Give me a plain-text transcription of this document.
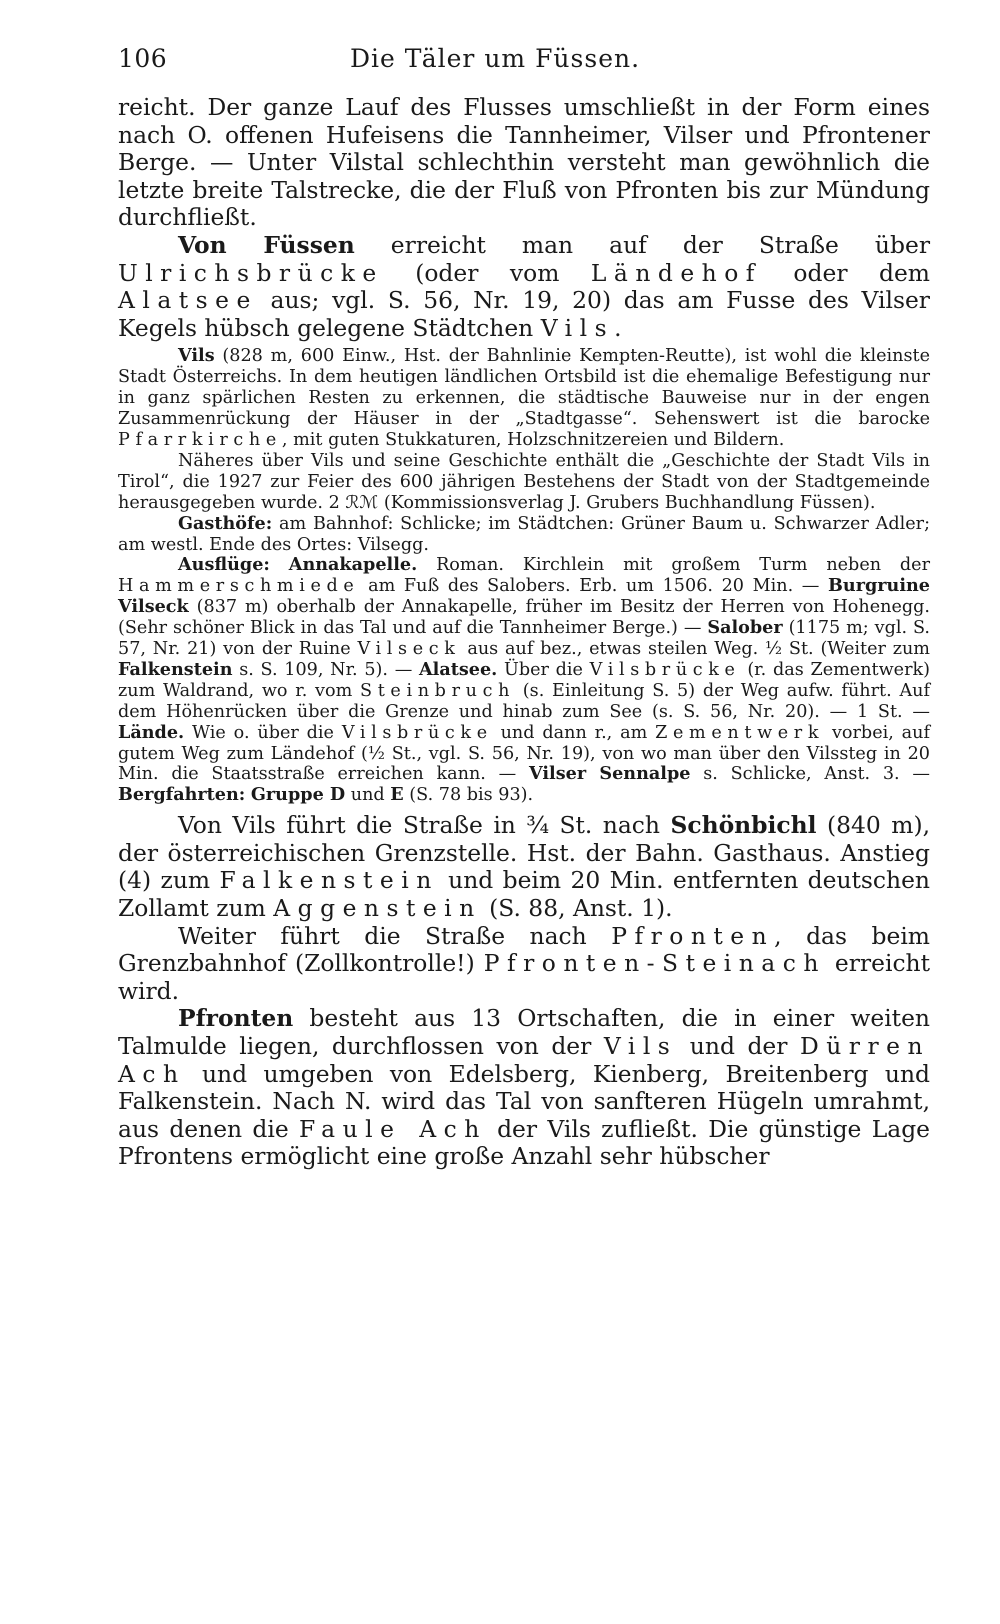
106	Die Täler um Füssen.

reicht. Der ganze Lauf des Flusses umschließt in der Form eines nach O. offenen Hufeisens die Tannheimer, Vilser und Pfrontener Berge. — Unter Vilstal schlechthin versteht man gewöhnlich die letzte breite Talstrecke, die der Fluß von Pfronten bis zur Mündung durchfließt.

Von Füssen erreicht man auf der Straße über Ulrichsbrücke (oder vom Ländehof oder dem Alatsee aus; vgl. S. 56, Nr. 19, 20) das am Fusse des Vilser Kegels hübsch gelegene Städtchen Vils.

Vils (828 m, 600 Einw., Hst. der Bahnlinie Kempten-Reutte), ist wohl die kleinste Stadt Österreichs. In dem heutigen ländlichen Ortsbild ist die ehemalige Befestigung nur in ganz spärlichen Resten zu erkennen, die städtische Bauweise nur in der engen Zusammenrückung der Häuser in der „Stadtgasse“. Sehenswert ist die barocke Pfarrkirche, mit guten Stukkaturen, Holzschnitzereien und Bildern.

Näheres über Vils und seine Geschichte enthält die „Geschichte der Stadt Vils in Tirol“, die 1927 zur Feier des 600 jährigen Bestehens der Stadt von der Stadtgemeinde herausgegeben wurde. 2 ℛℳ (Kommissionsverlag J. Grubers Buchhandlung Füssen).

Gasthöfe: am Bahnhof: Schlicke; im Städtchen: Grüner Baum u. Schwarzer Adler; am westl. Ende des Ortes: Vilsegg.

Ausflüge: Annakapelle. Roman. Kirchlein mit großem Turm neben der Hammerschmiede am Fuß des Salobers. Erb. um 1506. 20 Min. — Burgruine Vilseck (837 m) oberhalb der Annakapelle, früher im Besitz der Herren von Hohenegg. (Sehr schöner Blick in das Tal und auf die Tannheimer Berge.) — Salober (1175 m; vgl. S. 57, Nr. 21) von der Ruine Vilseck aus auf bez., etwas steilen Weg. ½ St. (Weiter zum Falkenstein s. S. 109, Nr. 5). — Alatsee. Über die Vilsbrücke (r. das Zementwerk) zum Waldrand, wo r. vom Steinbruch (s. Einleitung S. 5) der Weg aufw. führt. Auf dem Höhenrücken über die Grenze und hinab zum See (s. S. 56, Nr. 20). — 1 St. — Lände. Wie o. über die Vilsbrücke und dann r., am Zementwerk vorbei, auf gutem Weg zum Ländehof (½ St., vgl. S. 56, Nr. 19), von wo man über den Vilssteg in 20 Min. die Staatsstraße erreichen kann. — Vilser Sennalpe s. Schlicke, Anst. 3. — Bergfahrten: Gruppe D und E (S. 78 bis 93).

Von Vils führt die Straße in ¾ St. nach Schönbichl (840 m), der österreichischen Grenzstelle. Hst. der Bahn. Gasthaus. Anstieg (4) zum Falkenstein und beim 20 Min. entfernten deutschen Zollamt zum Aggenstein (S. 88, Anst. 1).

Weiter führt die Straße nach Pfronten, das beim Grenzbahnhof (Zollkontrolle!) Pfronten-Steinach erreicht wird.

Pfronten besteht aus 13 Ortschaften, die in einer weiten Talmulde liegen, durchflossen von der Vils und der Dürren Ach und umgeben von Edelsberg, Kienberg, Breitenberg und Falkenstein. Nach N. wird das Tal von sanfteren Hügeln umrahmt, aus denen die Faule Ach der Vils zufließt. Die günstige Lage Pfrontens ermöglicht eine große Anzahl sehr hübscher
